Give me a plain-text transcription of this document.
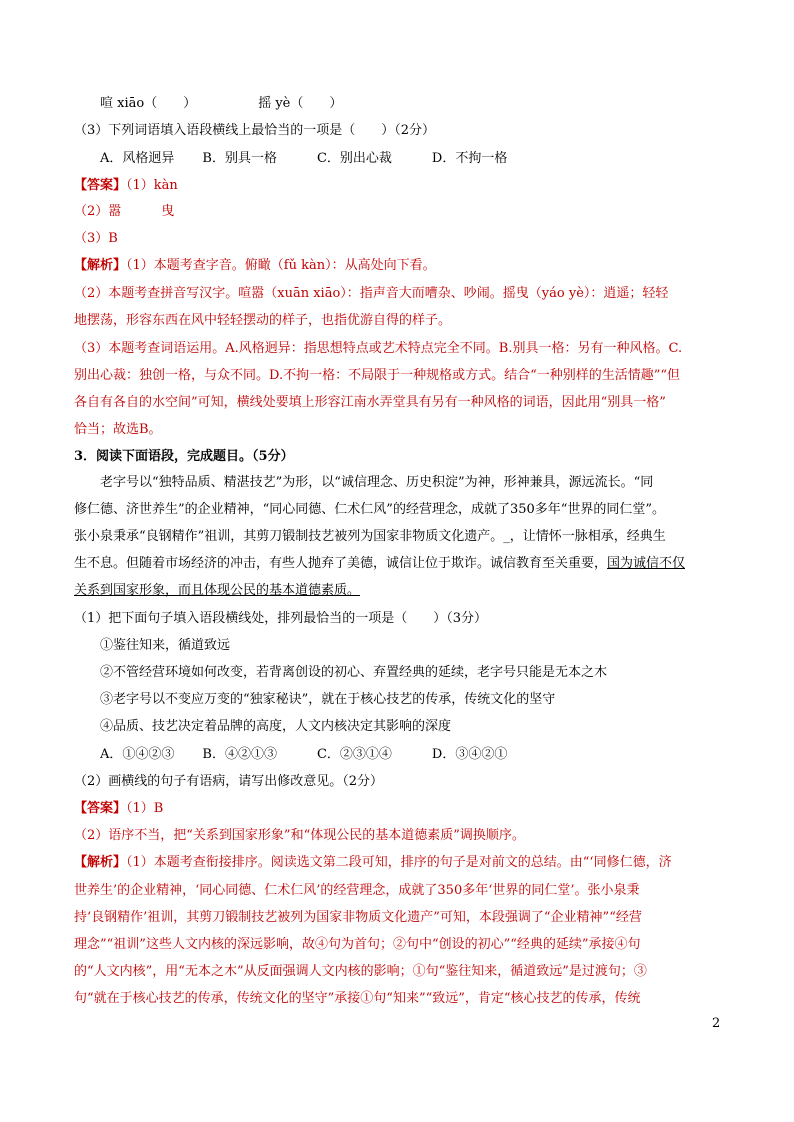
喧 xiāo（　　）	摇 yè（　　）
（3）下列词语填入语段横线上最恰当的一项是（　　）（2分）
A．风格迥异 B．别具一格	C．别出心裁	D．不拘一格
【答案】（1）kàn
（2）嚣	曳
（3）B
【解析】（1）本题考查字音。俯瞰（fǔ kàn）：从高处向下看。
（2）本题考查拼音写汉字。喧嚣（xuān xiāo）：指声音大而嘈杂、吵闹。摇曳（yáo yè）：逍遥；轻轻
地摆荡，形容东西在风中轻轻摆动的样子，也指优游自得的样子。
（3）本题考查词语运用。A.风格迥异：指思想特点或艺术特点完全不同。B.别具一格：另有一种风格。C.
别出心裁：独创一格，与众不同。D.不拘一格：不局限于一种规格或方式。结合“一种别样的生活情趣”“但
各自有各自的水空间”可知，横线处要填上形容江南水弄堂具有另有一种风格的词语，因此用“别具一格”
恰当；故选B。
3．阅读下面语段，完成题目。（5分）
老字号以“独特品质、精湛技艺”为形，以“诚信理念、历史积淀”为神，形神兼具，源远流长。“同
修仁德、济世养生”的企业精神，“同心同德、仁术仁风”的经营理念，成就了350多年“世界的同仁堂”。
张小泉秉承“良钢精作”祖训，其剪刀锻制技艺被列为国家非物质文化遗产。_，让情怀一脉相承，经典生
生不息。但随着市场经济的冲击，有些人抛弃了美德，诚信让位于欺诈。诚信教育至关重要，国为诚信不仅
关系到国家形象，而且体现公民的基本道德素质。
（1）把下面句子填入语段横线处，排列最恰当的一项是（　　）（3分）
①鉴往知来，循道致远
②不管经营环境如何改变，若背离创设的初心、弃置经典的延续，老字号只能是无本之木
③老字号以不变应万变的“独家秘诀”，就在于核心技艺的传承，传统文化的坚守
④品质、技艺决定着品牌的高度，人文内核决定其影响的深度
A．①④②③ B．④②①③	C．②③①④	D．③④②①
（2）画横线的句子有语病，请写出修改意见。（2分）
【答案】（1）B
（2）语序不当，把“关系到国家形象”和“体现公民的基本道德素质”调换顺序。
【解析】（1）本题考查衔接排序。阅读选文第二段可知，排序的句子是对前文的总结。由“‘同修仁德，济
世养生’的企业精神，‘同心同德、仁术仁风’的经营理念，成就了350多年‘世界的同仁堂’。张小泉秉
持‘良钢精作’祖训，其剪刀锻制技艺被列为国家非物质文化遗产”可知，本段强调了“企业精神”“经营
理念”“祖训”这些人文内核的深远影响，故④句为首句；②句中“创设的初心”“经典的延续”承接④句
的“人文内核”，用“无本之木”从反面强调人文内核的影响；①句“鉴往知来，循道致远”是过渡句；③
句“就在于核心技艺的传承，传统文化的坚守”承接①句“知来”“致远”，肯定“核心技艺的传承，传统
2
